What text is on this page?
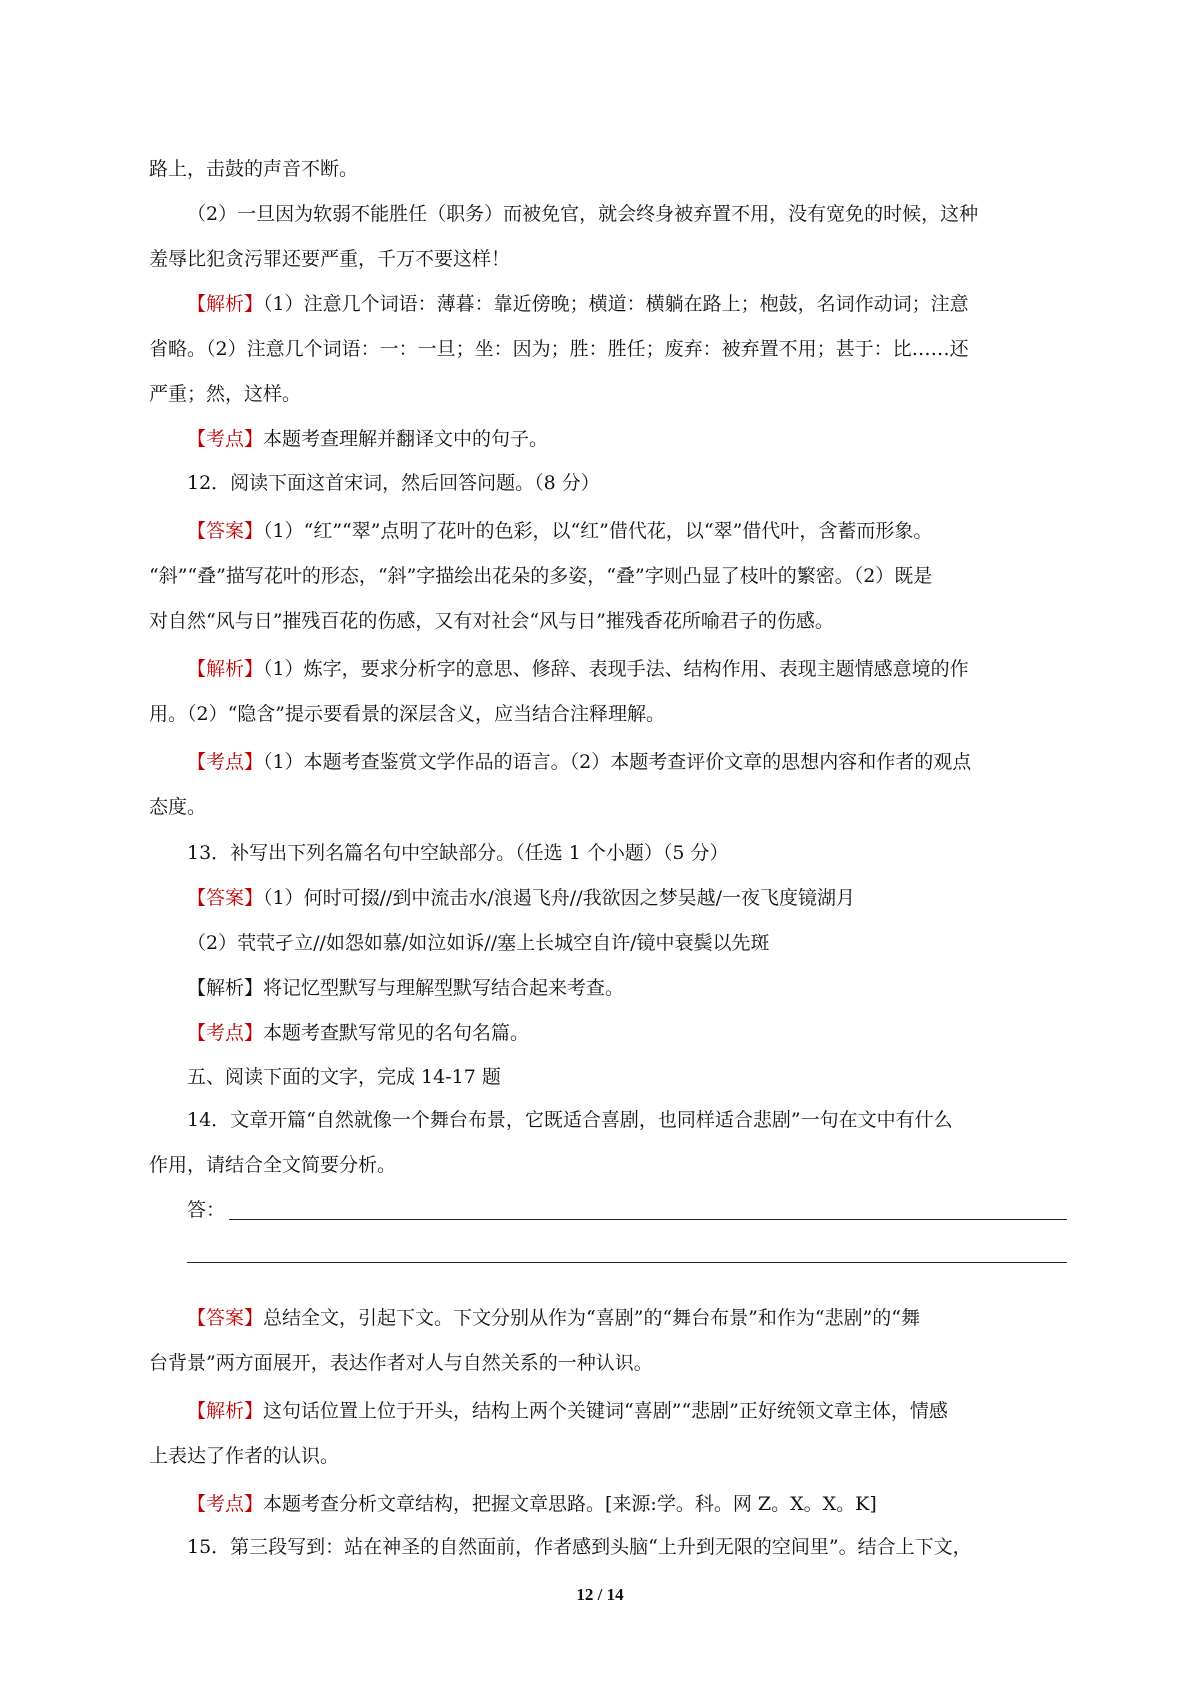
路上，击鼓的声音不断。
（2）一旦因为软弱不能胜任（职务）而被免官，就会终身被弃置不用，没有宽免的时候，这种
羞辱比犯贪污罪还要严重，千万不要这样！
【解析】（1）注意几个词语：薄暮：靠近傍晚；横道：横躺在路上；枹鼓，名词作动词；注意
省略。（2）注意几个词语：一：一旦；坐：因为；胜：胜任；废弃：被弃置不用；甚于：比……还
严重；然，这样。
【考点】本题考查理解并翻译文中的句子。
12．阅读下面这首宋词，然后回答问题。（8 分）
【答案】（1）“红”“翠”点明了花叶的色彩，以“红”借代花，以“翠”借代叶，含蓄而形象。
“斜”“叠”描写花叶的形态，“斜”字描绘出花朵的多姿，“叠”字则凸显了枝叶的繁密。（2）既是
对自然“风与日”摧残百花的伤感，又有对社会“风与日”摧残香花所喻君子的伤感。
【解析】（1）炼字，要求分析字的意思、修辞、表现手法、结构作用、表现主题情感意境的作
用。（2）“隐含”提示要看景的深层含义，应当结合注释理解。
【考点】（1）本题考查鉴赏文学作品的语言。（2）本题考查评价文章的思想内容和作者的观点
态度。
13．补写出下列名篇名句中空缺部分。（任选 1 个小题）（5 分）
【答案】（1）何时可掇//到中流击水/浪遏飞舟//我欲因之梦吴越/一夜飞度镜湖月
（2）茕茕孑立//如怨如慕/如泣如诉//塞上长城空自许/镜中衰鬓以先斑
【解析】将记忆型默写与理解型默写结合起来考查。
【考点】本题考查默写常见的名句名篇。
五、阅读下面的文字，完成 14-17 题
14．文章开篇“自然就像一个舞台布景，它既适合喜剧，也同样适合悲剧”一句在文中有什么
作用，请结合全文简要分析。
答：
【答案】总结全文，引起下文。下文分别从作为“喜剧”的“舞台布景”和作为“悲剧”的“舞
台背景”两方面展开，表达作者对人与自然关系的一种认识。
【解析】这句话位置上位于开头，结构上两个关键词“喜剧”“悲剧”正好统领文章主体，情感
上表达了作者的认识。
【考点】本题考查分析文章结构，把握文章思路。[来源:学。科。网 Z。X。X。K]
15．第三段写到：站在神圣的自然面前，作者感到头脑“上升到无限的空间里”。结合上下文，
12 / 14
